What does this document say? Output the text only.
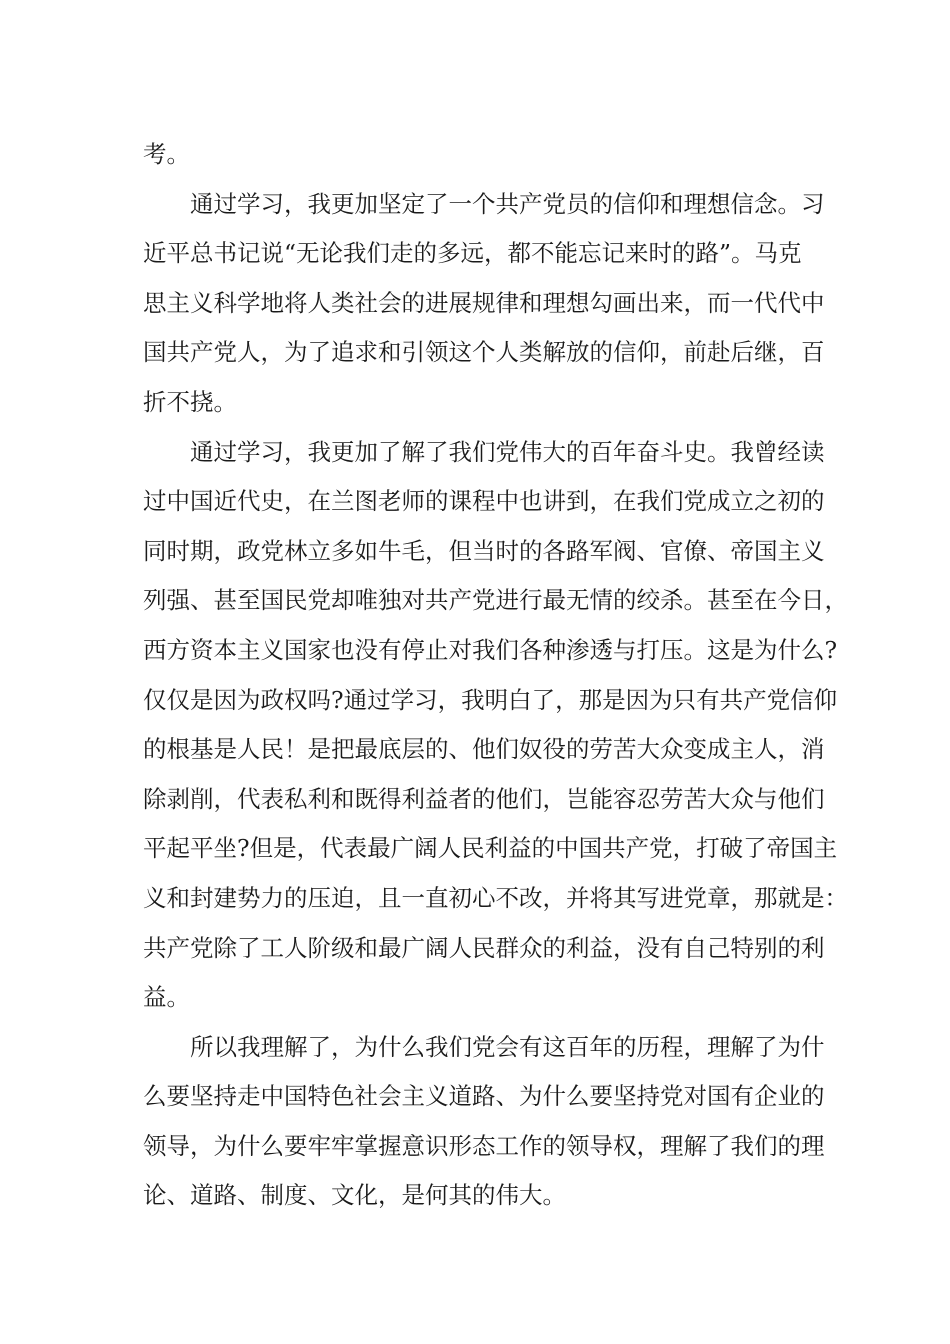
考。
通过学习，我更加坚定了一个共产党员的信仰和理想信念。习
近平总书记说“无论我们走的多远，都不能忘记来时的路”。马克
思主义科学地将人类社会的进展规律和理想勾画出来，而一代代中
国共产党人，为了追求和引领这个人类解放的信仰，前赴后继，百
折不挠。
通过学习，我更加了解了我们党伟大的百年奋斗史。我曾经读
过中国近代史，在兰图老师的课程中也讲到，在我们党成立之初的
同时期，政党林立多如牛毛，但当时的各路军阀、官僚、帝国主义
列强、甚至国民党却唯独对共产党进行最无情的绞杀。甚至在今日，
西方资本主义国家也没有停止对我们各种渗透与打压。这是为什么?
仅仅是因为政权吗?通过学习，我明白了，那是因为只有共产党信仰
的根基是人民！是把最底层的、他们奴役的劳苦大众变成主人，消
除剥削，代表私利和既得利益者的他们，岂能容忍劳苦大众与他们
平起平坐?但是，代表最广阔人民利益的中国共产党，打破了帝国主
义和封建势力的压迫，且一直初心不改，并将其写进党章，那就是：
共产党除了工人阶级和最广阔人民群众的利益，没有自己特别的利
益。
所以我理解了，为什么我们党会有这百年的历程，理解了为什
么要坚持走中国特色社会主义道路、为什么要坚持党对国有企业的
领导，为什么要牢牢掌握意识形态工作的领导权，理解了我们的理
论、道路、制度、文化，是何其的伟大。
